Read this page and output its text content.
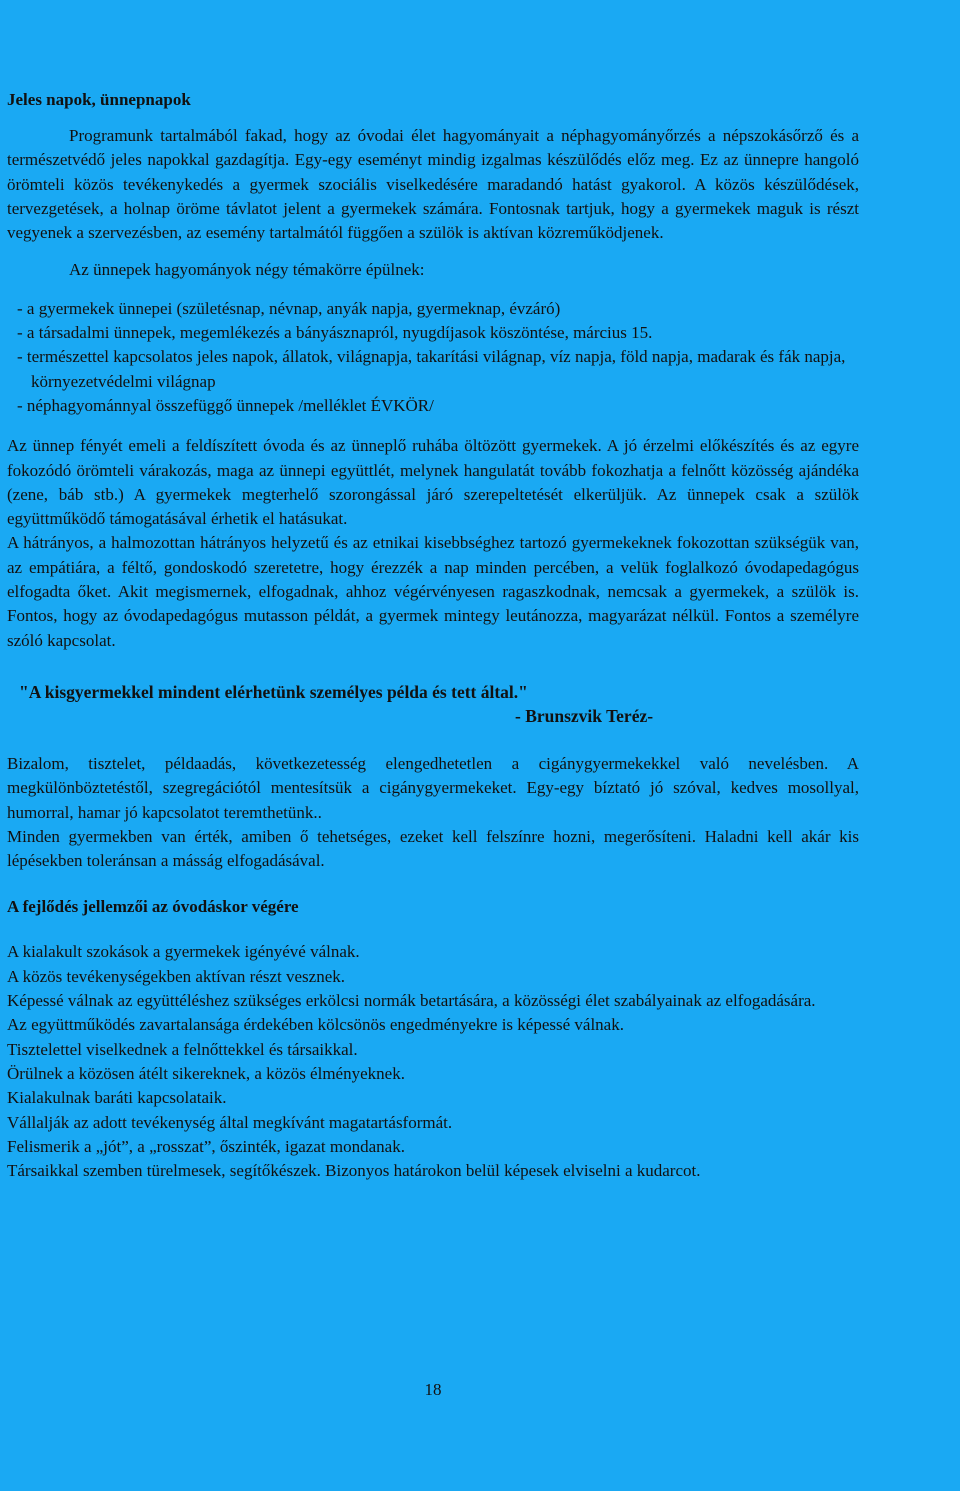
Jeles napok, ünnepnapok

Programunk tartalmából fakad, hogy az óvodai élet hagyományait a néphagyományőrzés a népszokásőrző és a természetvédő jeles napokkal gazdagítja. Egy-egy eseményt mindig izgalmas készülődés előz meg. Ez az ünnepre hangoló örömteli közös tevékenykedés a gyermek szociális viselkedésére maradandó hatást gyakorol. A közös készülődések, tervezgetések, a holnap öröme távlatot jelent a gyermekek számára. Fontosnak tartjuk, hogy a gyermekek maguk is részt vegyenek a szervezésben, az esemény tartalmától függően a szülök is aktívan közreműködjenek.

Az ünnepek hagyományok négy témakörre épülnek:

- a gyermekek ünnepei (születésnap, névnap, anyák napja, gyermeknap, évzáró)
- a társadalmi ünnepek, megemlékezés a bányásznapról, nyugdíjasok köszöntése, március 15.
- természettel kapcsolatos jeles napok, állatok, világnapja, takarítási világnap, víz napja, föld napja, madarak és fák napja, környezetvédelmi világnap
- néphagyománnyal összefüggő ünnepek /melléklet ÉVKÖR/

Az ünnep fényét emeli a feldíszített óvoda és az ünneplő ruhába öltözött gyermekek. A jó érzelmi előkészítés és az egyre fokozódó örömteli várakozás, maga az ünnepi együttlét, melynek hangulatát tovább fokozhatja a felnőtt közösség ajándéka (zene, báb stb.) A gyermekek megterhelő szorongással járó szerepeltetését elkerüljük. Az ünnepek csak a szülök együttműködő támogatásával érhetik el hatásukat.

A hátrányos, a halmozottan hátrányos helyzetű és az etnikai kisebbséghez tartozó gyermekeknek fokozottan szükségük van, az empátiára, a féltő, gondoskodó szeretetre, hogy érezzék a nap minden percében, a velük foglalkozó óvodapedagógus elfogadta őket. Akit megismernek, elfogadnak, ahhoz végérvényesen ragaszkodnak, nemcsak a gyermekek, a szülök is. Fontos, hogy az óvodapedagógus mutasson példát, a gyermek mintegy leutánozza, magyarázat nélkül. Fontos a személyre szóló kapcsolat.

"A kisgyermekkel mindent elérhetünk személyes példa és tett által."
- Brunszvik Teréz-

Bizalom, tisztelet, példaadás, következetesség elengedhetetlen a cigánygyermekekkel való nevelésben. A megkülönböztetéstől, szegregációtól mentesítsük a cigánygyermekeket. Egy-egy bíztató jó szóval, kedves mosollyal, humorral, hamar jó kapcsolatot teremthetünk..

Minden gyermekben van érték, amiben ő tehetséges, ezeket kell felszínre hozni, megerősíteni. Haladni kell akár kis lépésekben toleránsan a másság elfogadásával.

A fejlődés jellemzői az óvodáskor végére

A kialakult szokások a gyermekek igényévé válnak.

A közös tevékenységekben aktívan részt vesznek.

Képessé válnak az együttéléshez szükséges erkölcsi normák betartására, a közösségi élet szabályainak az elfogadására.

Az együttműködés zavartalansága érdekében kölcsönös engedményekre is képessé válnak.

Tisztelettel viselkednek a felnőttekkel és társaikkal.

Örülnek a közösen átélt sikereknek, a közös élményeknek.

Kialakulnak baráti kapcsolataik.

Vállalják az adott tevékenység által megkívánt magatartásformát.

Felismerik a „jót”, a „rosszat”, őszinték, igazat mondanak.

Társaikkal szemben türelmesek, segítőkészek. Bizonyos határokon belül képesek elviselni a kudarcot.

18
